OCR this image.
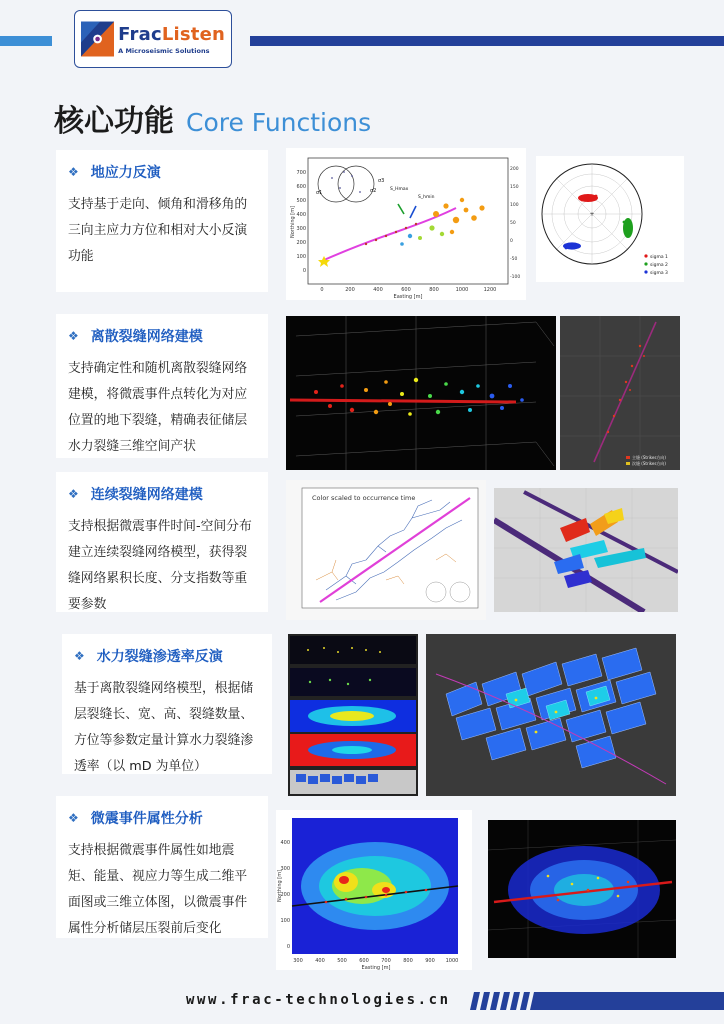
FracListen
A Microseismic Solutions
核心功能 Core Functions
❖ 地应力反演
支持基于走向、倾角和滑移角的三向主应力方位和相对大小反演功能
0	200	400	600	800	1000	1200
Easting [m]
700
600
500
400
300
200
100
0
200
150
100
50
0
-50
-100
Northing [m]
σ1	σ2
σ3
S_Hmax
S_hmin
+
sigma 1
sigma 2
sigma 3
❖ 离散裂缝网络建模
支持确定性和随机离散裂缝网络建模，将微震事件点转化为对应位置的地下裂缝，精确表征储层水力裂缝三维空间产状
主缝 (Strikes方向)
次缝 (Strikes方向)
❖ 连续裂缝网络建模
支持根据微震事件时间-空间分布建立连续裂缝网络模型，获得裂缝网络累积长度、分支指数等重要参数
Color scaled to occurrence time
❖ 水力裂缝渗透率反演
基于离散裂缝网络模型，根据储层裂缝长、宽、高、裂缝数量、方位等参数定量计算水力裂缝渗透率（以 mD 为单位）
❖ 微震事件属性分析
支持根据微震事件属性如地震矩、能量、视应力等生成二维平面图或三维立体图，以微震事件属性分析储层压裂前后变化
300 400 500 600 700 800 900 1000
Easting [m]
400
300
200
100
0
Northing [m]
www.frac-technologies.cn
